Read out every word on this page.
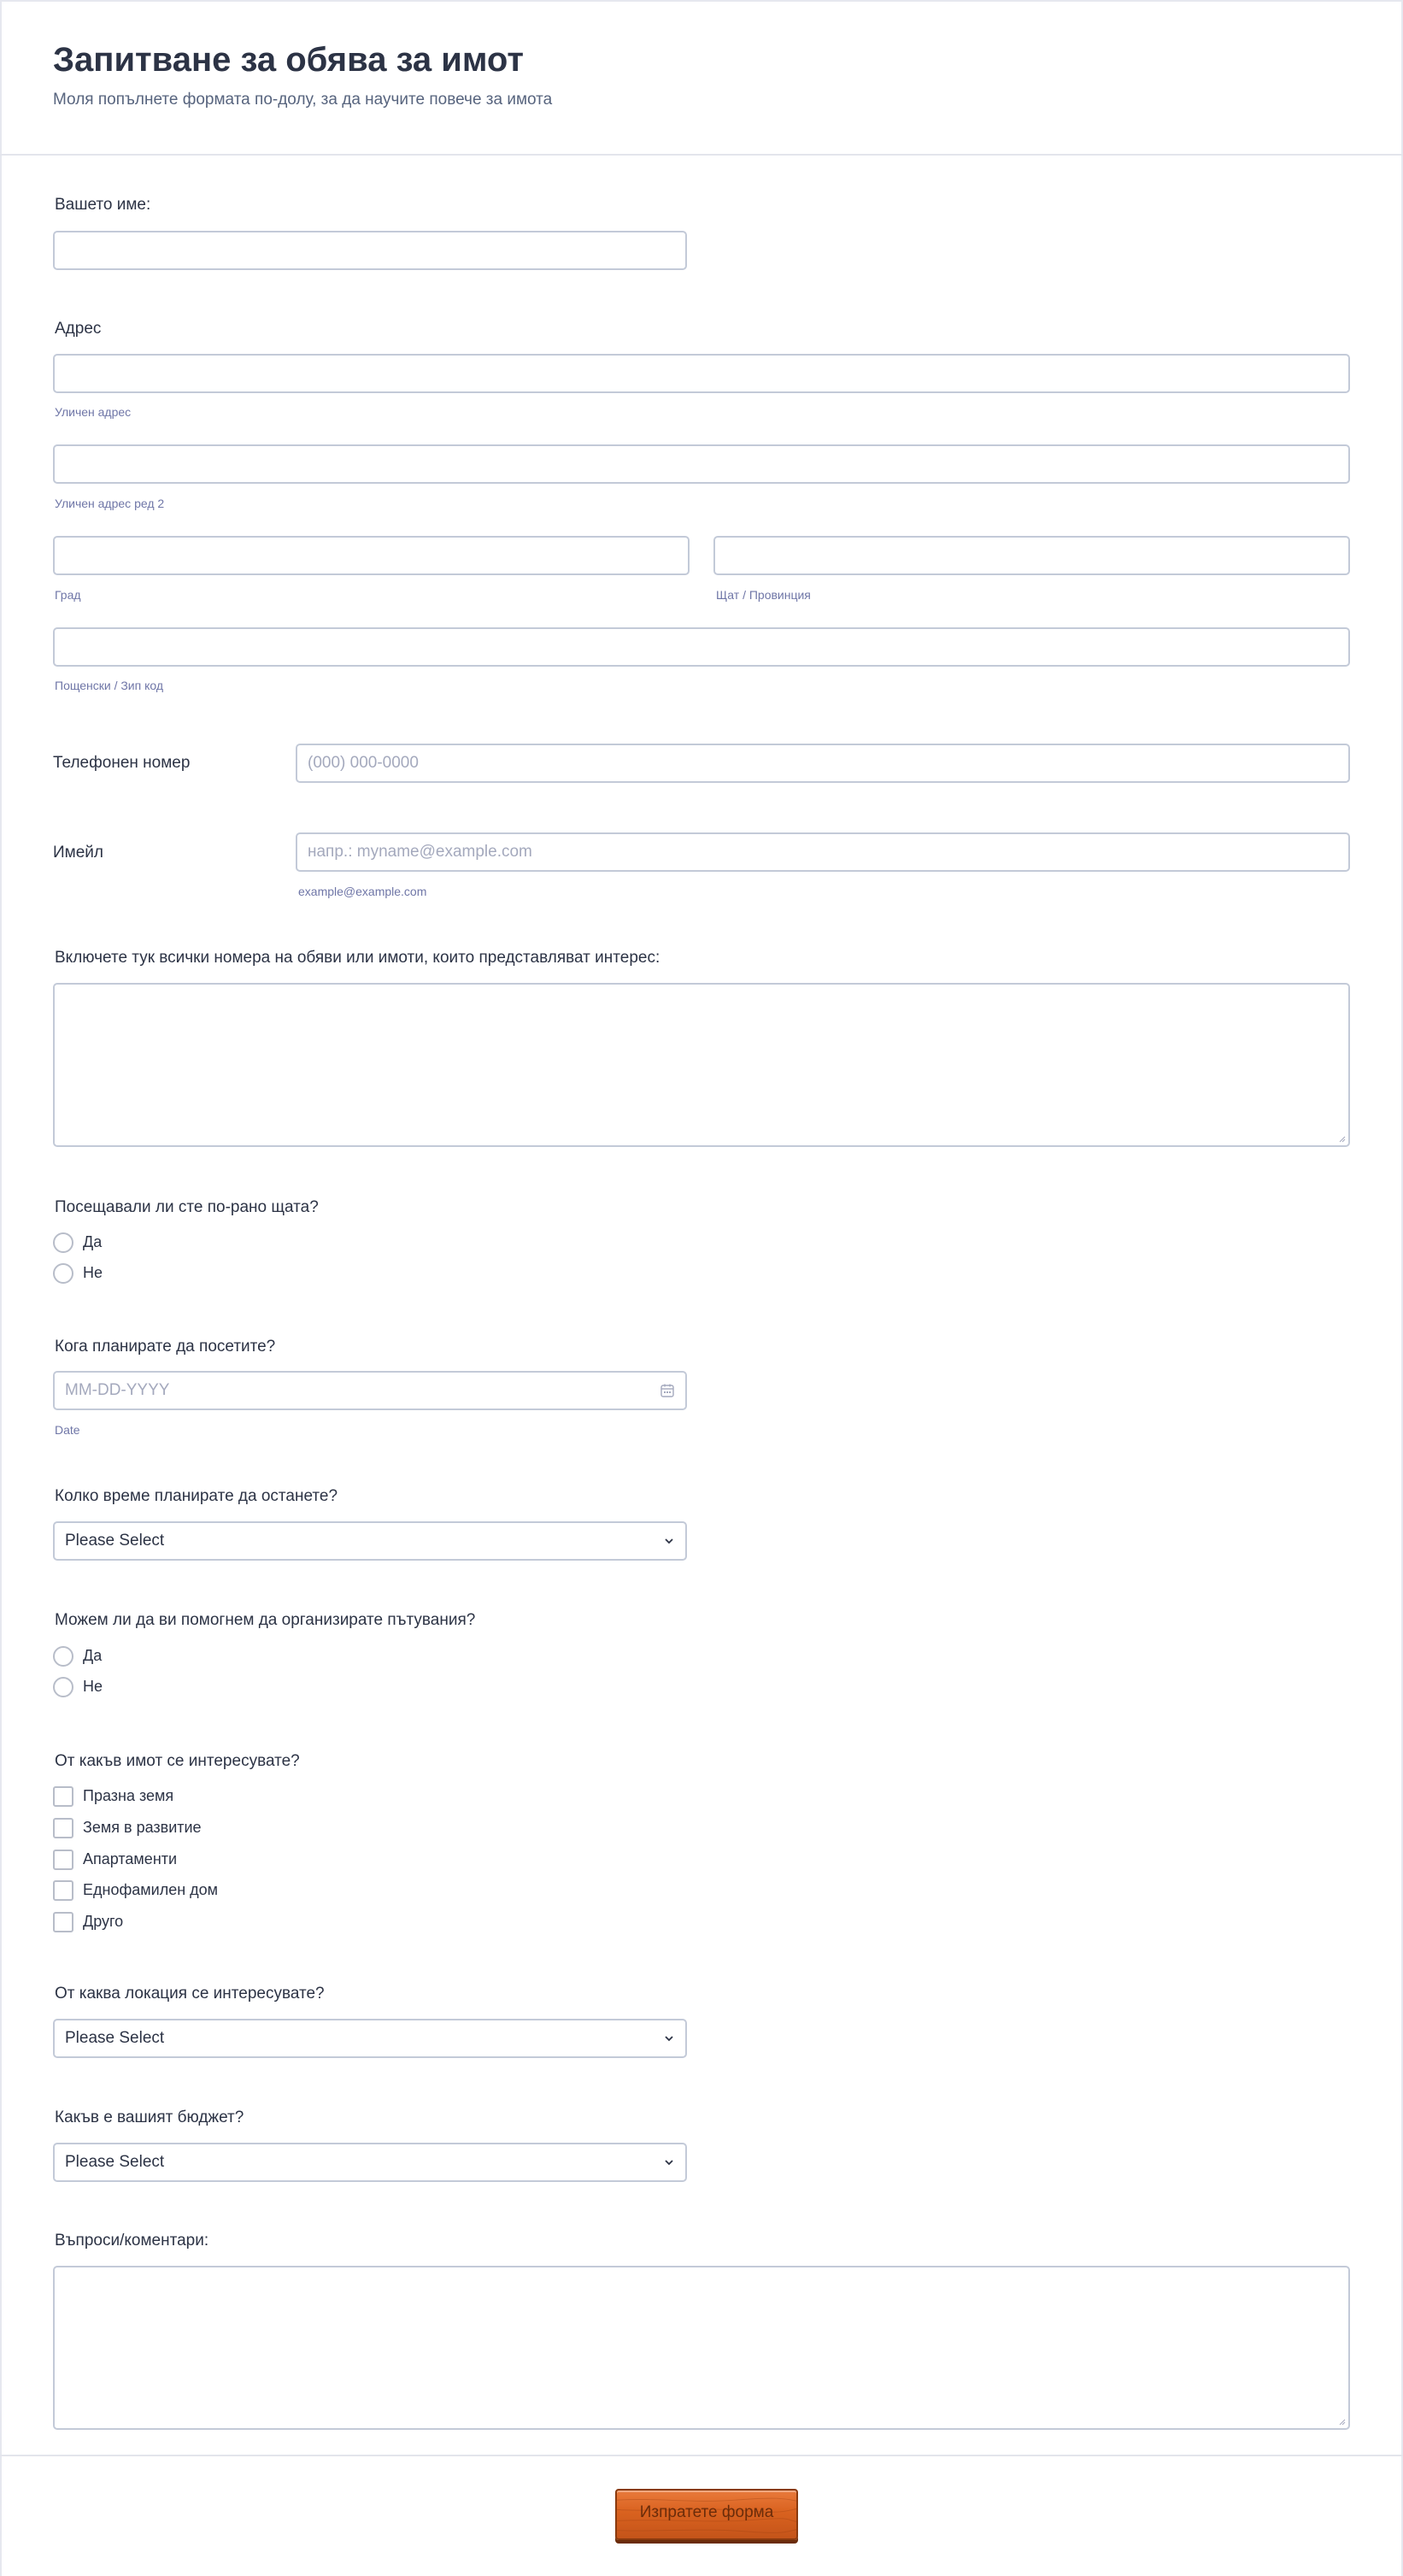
Запитване за обява за имот
Моля попълнете формата по-долу, за да научите повече за имота
Вашето име:
Адрес
Уличен адрес
Уличен адрес ред 2
Град	Щат / Провинция
Пощенски / Зип код
Телефонен номер	(000) 000-0000
Имейл	напр.: myname@example.com
example@example.com
Включете тук всички номера на обяви или имоти, които представляват интерес:
Посещавали ли сте по-рано щата?
Да
Не
Кога планирате да посетите?
MM-DD-YYYY
Date
Колко време планирате да останете?
Please Select
Можем ли да ви помогнем да организирате пътувания?
Да
Не
От какъв имот се интересувате?
Празна земя
Земя в развитие
Апартаменти
Еднофамилен дом
Друго
От каква локация се интересувате?
Please Select
Какъв е вашият бюджет?
Please Select
Въпроси/коментари:
Изпратете форма
